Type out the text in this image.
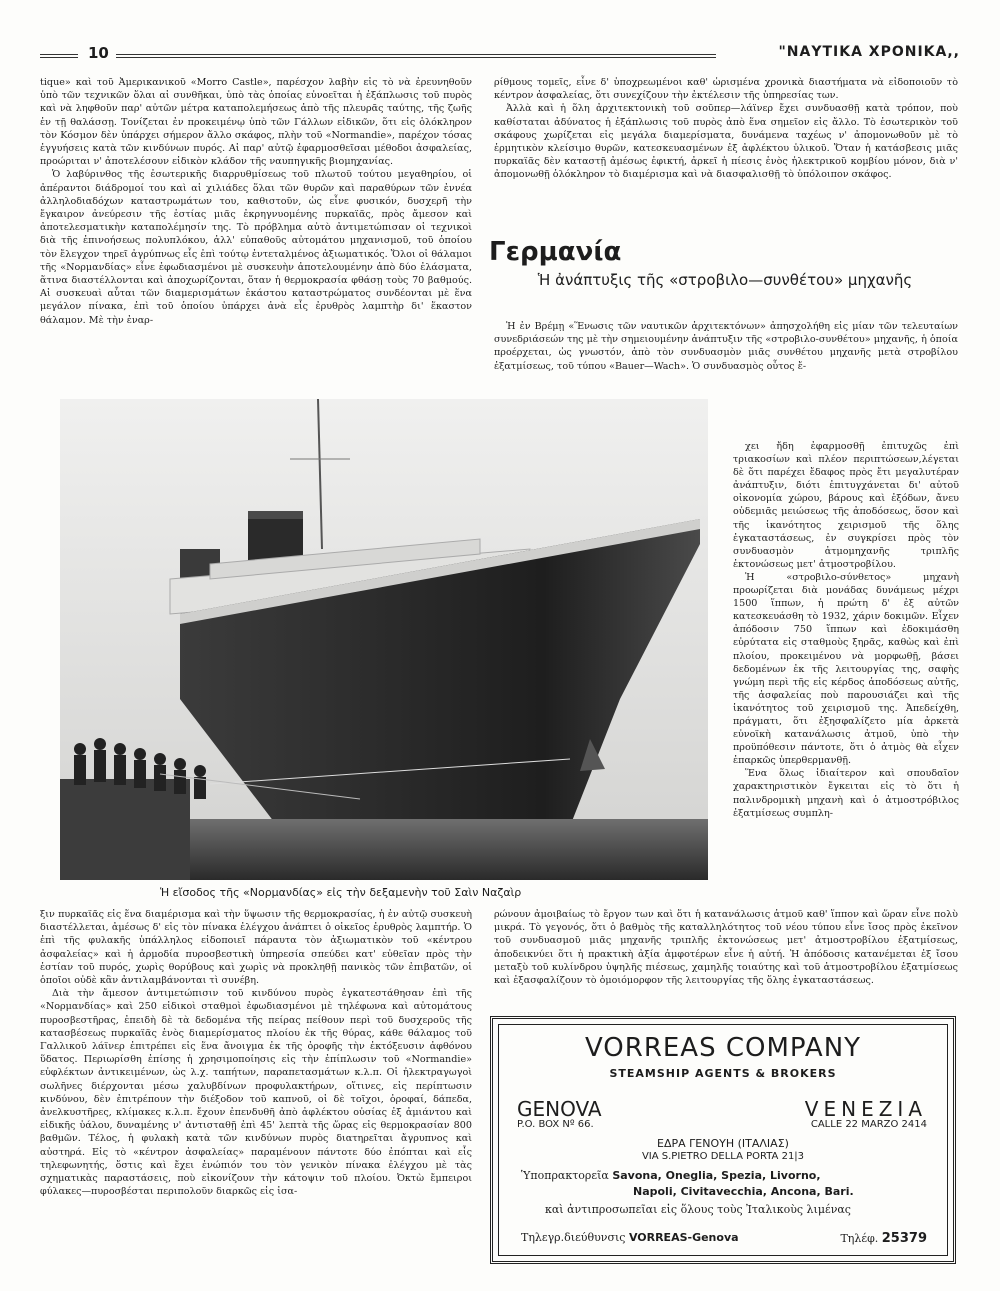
10	"ΝΑΥΤΙΚΑ ΧΡΟΝΙΚΑ,,

tique» καὶ τοῦ Ἀμερικανικοῦ «Morro Castle», παρέσχον λαβὴν εἰς τὸ νὰ ἐρευνηθοῦν ὑπὸ τῶν τεχνικῶν ὅλαι αἱ συνθῆκαι, ὑπὸ τὰς ὁποίας εὐνοεῖται ἡ ἐξάπλωσις τοῦ πυρὸς καὶ νὰ ληφθοῦν παρ' αὐτῶν μέτρα καταπολεμήσεως ἀπὸ τῆς πλευρᾶς ταύτης, τῆς ζωῆς ἐν τῇ θαλάσσῃ. Τονίζεται ἐν προκειμένῳ ὑπὸ τῶν Γάλλων εἰδικῶν, ὅτι εἰς ὁλόκληρον τὸν Κόσμον δὲν ὑπάρχει σήμερον ἄλλο σκάφος, πλὴν τοῦ «Normandie», παρέχον τόσας ἐγγυήσεις κατὰ τῶν κινδύνων πυρός. Αἱ παρ' αὐτῷ ἐφαρμοσθεῖσαι μέθοδοι ἀσφαλείας, προώριται ν' ἀποτελέσουν εἰδικὸν κλάδον τῆς ναυπηγικῆς βιομηχανίας.

Ὁ λαβύρινθος τῆς ἐσωτερικῆς διαρρυθμίσεως τοῦ πλωτοῦ τούτου μεγαθηρίου, οἱ ἀπέραντοι διάδρομοί του καὶ αἱ χιλιάδες ὅλαι τῶν θυρῶν καὶ παραθύρων τῶν ἐννέα ἀλληλοδιαδόχων καταστρωμάτων του, καθιστοῦν, ὡς εἶνε φυσικόν, δυσχερῆ τὴν ἔγκαιρον ἀνεύρεσιν τῆς ἑστίας μιᾶς ἐκρηγνυομένης πυρκαϊᾶς, πρὸς ἄμεσον καὶ ἀποτελεσματικὴν καταπολέμησίν της. Τὸ πρόβλημα αὐτὸ ἀντιμετώπισαν οἱ τεχνικοὶ διὰ τῆς ἐπινοήσεως πολυπλόκου, ἀλλ' εὐπαθοῦς αὐτομάτου μηχανισμοῦ, τοῦ ὁποίου τὸν ἔλεγχον τηρεῖ ἀγρύπνως εἷς ἐπὶ τούτῳ ἐντεταλμένος ἀξιωματικός. Ὅλοι οἱ θάλαμοι τῆς «Νορμανδίας» εἶνε ἐφωδιασμένοι μὲ συσκευὴν ἀποτελουμένην ἀπὸ δύο ἐλάσματα, ἅτινα διαστέλλονται καὶ ἀποχωρίζονται, ὅταν ἡ θερμοκρασία φθάσῃ τοὺς 70 βαθμούς. Αἱ συσκευαὶ αὗται τῶν διαμερισμάτων ἑκάστου καταστρώματος συνδέονται μὲ ἕνα μεγάλον πίνακα, ἐπὶ τοῦ ὁποίου ὑπάρχει ἀνὰ εἷς ἐρυθρὸς λαμπτὴρ δι' ἕκαστον θάλαμον. Μὲ τὴν ἐναρ-

ρίθμους τομεῖς, εἶνε δ' ὑποχρεωμένοι καθ' ὡρισμένα χρονικὰ διαστήματα νὰ εἰδοποιοῦν τὸ κέντρον ἀσφαλείας, ὅτι συνεχίζουν τὴν ἐκτέλεσιν τῆς ὑπηρεσίας των.

Ἀλλὰ καὶ ἡ ὅλη ἀρχιτεκτονικὴ τοῦ σοῦπερ—λάϊνερ ἔχει συνδυασθῇ κατὰ τρόπον, ποὺ καθίσταται ἀδύνατος ἡ ἐξάπλωσις τοῦ πυρὸς ἀπὸ ἕνα σημεῖον εἰς ἄλλο. Τὸ ἐσωτερικὸν τοῦ σκάφους χωρίζεται εἰς μεγάλα διαμερίσματα, δυνάμενα ταχέως ν' ἀπομονωθοῦν μὲ τὸ ἑρμητικὸν κλείσιμο θυρῶν, κατεσκευασμένων ἐξ ἀφλέκτου ὑλικοῦ. Ὅταν ἡ κατάσβεσις μιᾶς πυρκαϊᾶς δὲν καταστῇ ἀμέσως ἐφικτή, ἀρκεῖ ἡ πίεσις ἑνὸς ἠλεκτρικοῦ κομβίου μόνον, διὰ ν' ἀπομονωθῇ ὁλόκληρον τὸ διαμέρισμα καὶ νὰ διασφαλισθῇ τὸ ὑπόλοιπον σκάφος.

Γερμανία
Ἡ ἀνάπτυξις τῆς «στροβιλο—συνθέτου» μηχανῆς

Ἡ ἐν Βρέμῃ «Ἕνωσις τῶν ναυτικῶν ἀρχιτεκτόνων» ἀπησχολήθη εἰς μίαν τῶν τελευταίων συνεδριάσεών της μὲ τὴν σημειουμένην ἀνάπτυξιν τῆς «στροβιλο-συνθέτου» μηχανῆς, ἡ ὁποία προέρχεται, ὡς γνωστόν, ἀπὸ τὸν συνδυασμὸν μιᾶς συνθέτου μηχανῆς μετὰ στροβίλου ἐξατμίσεως, τοῦ τύπου «Bauer—Wach». Ὁ συνδυασμὸς οὗτος ἔ-

Ἡ εἴσοδος τῆς «Νορμανδίας» εἰς τὴν δεξαμενὴν τοῦ Σαὶν Ναζαὶρ

χει ἤδη ἐφαρμοσθῇ ἐπιτυχῶς ἐπὶ τριακοσίων καὶ πλέον περιπτώσεων,λέγεται δὲ ὅτι παρέχει ἔδαφος πρὸς ἔτι μεγαλυτέραν ἀνάπτυξιν, διότι ἐπιτυγχάνεται δι' αὐτοῦ οἰκονομία χώρου, βάρους καὶ ἐξόδων, ἄνευ οὐδεμιᾶς μειώσεως τῆς ἀποδόσεως, ὅσον καὶ τῆς ἱκανότητος χειρισμοῦ τῆς ὅλης ἐγκαταστάσεως, ἐν συγκρίσει πρὸς τὸν συνδυασμὸν ἀτμομηχανῆς τριπλῆς ἐκτονώσεως μετ' ἀτμοστροβίλου.

Ἡ «στροβιλο-σύνθετος» μηχανὴ προωρίζεται διὰ μονάδας δυνάμεως μέχρι 1500 ἵππων, ἡ πρώτη δ' ἐξ αὐτῶν κατεσκευάσθη τὸ 1932, χάριν δοκιμῶν. Εἶχεν ἀπόδοσιν 750 ἵππων καὶ ἐδοκιμάσθη εὐρύτατα εἰς σταθμοὺς ξηρᾶς, καθὼς καὶ ἐπὶ πλοίου, προκειμένου νὰ μορφωθῇ, βάσει δεδομένων ἐκ τῆς λειτουργίας της, σαφὴς γνώμη περὶ τῆς εἰς κέρδος ἀποδόσεως αὐτῆς, τῆς ἀσφαλείας ποὺ παρουσιάζει καὶ τῆς ἱκανότητος τοῦ χειρισμοῦ της. Ἀπεδείχθη, πράγματι, ὅτι ἐξησφαλίζετο μία ἀρκετὰ εὐνοϊκὴ κατανάλωσις ἀτμοῦ, ὑπὸ τὴν προϋπόθεσιν πάντοτε, ὅτι ὁ ἀτμὸς θὰ εἶχεν ἐπαρκῶς ὑπερθερμανθῇ.

Ἕνα ὅλως ἰδιαίτερον καὶ σπουδαῖον χαρακτηριστικὸν ἔγκειται εἰς τὸ ὅτι ἡ παλινδρομικὴ μηχανὴ καὶ ὁ ἀτμοστρόβιλος ἐξατμίσεως συμπλη-

ξιν πυρκαϊᾶς εἰς ἕνα διαμέρισμα καὶ τὴν ὕψωσιν τῆς θερμοκρασίας, ἡ ἐν αὐτῷ συσκευὴ διαστέλλεται, ἀμέσως δ' εἰς τὸν πίνακα ἐλέγχου ἀνάπτει ὁ οἰκεῖος ἐρυθρὸς λαμπτήρ. Ὁ ἐπὶ τῆς φυλακῆς ὑπάλληλος εἰδοποιεῖ πάραυτα τὸν ἀξιωματικὸν τοῦ «κέντρου ἀσφαλείας» καὶ ἡ ἁρμοδία πυροσβεστικὴ ὑπηρεσία σπεύδει κατ' εὐθεῖαν πρὸς τὴν ἑστίαν τοῦ πυρός, χωρὶς θορύβους καὶ χωρὶς νὰ προκληθῇ πανικὸς τῶν ἐπιβατῶν, οἱ ὁποῖοι οὐδὲ κἂν ἀντιλαμβάνονται τὶ συνέβη.

Διὰ τὴν ἄμεσον ἀντιμετώπισιν τοῦ κινδύνου πυρὸς ἐγκατεστάθησαν ἐπὶ τῆς «Νορμανδίας» καὶ 250 εἰδικοὶ σταθμοὶ ἐφωδιασμένοι μὲ τηλέφωνα καὶ αὐτομάτους πυροσβεστῆρας, ἐπειδὴ δὲ τὰ δεδομένα τῆς πείρας πείθουν περὶ τοῦ δυσχεροῦς τῆς κατασβέσεως πυρκαϊᾶς ἑνὸς διαμερίσματος πλοίου ἐκ τῆς θύρας, κάθε θάλαμος τοῦ Γαλλικοῦ λάϊνερ ἐπιτρέπει εἰς ἕνα ἄνοιγμα ἐκ τῆς ὀροφῆς τὴν ἐκτόξευσιν ἀφθόνου ὕδατος. Περιωρίσθη ἐπίσης ἡ χρησιμοποίησις εἰς τὴν ἐπίπλωσιν τοῦ «Normandie» εὐφλέκτων ἀντικειμένων, ὡς λ.χ. ταπήτων, παραπετασμάτων κ.λ.π. Οἱ ἠλεκτραγωγοὶ σωλῆνες διέρχονται μέσω χαλυβδίνων προφυλακτήρων, οἵτινες, εἰς περίπτωσιν κινδύνου, δὲν ἐπιτρέπουν τὴν διέξοδον τοῦ καπνοῦ, οἱ δὲ τοῖχοι, ὀροφαί, δάπεδα, ἀνελκυστῆρες, κλίμακες κ.λ.π. ἔχουν ἐπενδυθῆ ἀπὸ ἀφλέκτου οὐσίας ἐξ ἀμιάντου καὶ εἰδικῆς ὑάλου, δυναμένης ν' ἀντισταθῇ ἐπὶ 45' λεπτὰ τῆς ὥρας εἰς θερμοκρασίαν 800 βαθμῶν. Τέλος, ἡ φυλακὴ κατὰ τῶν κινδύνων πυρὸς διατηρεῖται ἄγρυπνος καὶ αὐστηρά. Εἰς τὸ «κέντρον ἀσφαλείας» παραμένουν πάντοτε δύο ἐπόπται καὶ εἷς τηλεφωνητής, ὅστις καὶ ἔχει ἐνώπιόν του τὸν γενικὸν πίνακα ἐλέγχου μὲ τὰς σχηματικὰς παραστάσεις, ποὺ εἰκονίζουν τὴν κάτοψιν τοῦ πλοίου. Ὀκτὼ ἔμπειροι φύλακες—πυροσβέσται περιπολοῦν διαρκῶς εἰς ἰσα-

ρώνουν ἀμοιβαίως τὸ ἔργον των καὶ ὅτι ἡ κατανάλωσις ἀτμοῦ καθ' ἵππον καὶ ὥραν εἶνε πολὺ μικρά. Τὸ γεγονός, ὅτι ὁ βαθμὸς τῆς καταλληλότητος τοῦ νέου τύπου εἶνε ἴσος πρὸς ἐκεῖνον τοῦ συνδυασμοῦ μιᾶς μηχανῆς τριπλῆς ἐκτονώσεως μετ' ἀτμοστροβίλου ἐξατμίσεως, ἀποδεικνύει ὅτι ἡ πρακτικὴ ἀξία ἀμφοτέρων εἶνε ἡ αὐτή. Ἡ ἀπόδοσις κατανέμεται ἐξ ἴσου μεταξὺ τοῦ κυλίνδρου ὑψηλῆς πιέσεως, χαμηλῆς τοιαύτης καὶ τοῦ ἀτμοστροβίλου ἐξατμίσεως καὶ ἐξασφαλίζουν τὸ ὁμοιόμορφον τῆς λειτουργίας τῆς ὅλης ἐγκαταστάσεως.

VORREAS COMPANY
STEAMSHIP AGENTS & BROKERS
GENOVA	VENEZIA
P.O. BOX Nº 66.	CALLE 22 MARZO 2414
ΕΔΡΑ ΓΕΝΟΥΗ (ΙΤΑΛΙΑΣ)
VIA S.PIETRO DELLA PORTA 21|3
Ὑποπρακτορεῖα Savona, Oneglia, Spezia, Livorno,
Napoli, Civitavecchia, Ancona, Bari.
καὶ ἀντιπροσωπεῖαι εἰς ὅλους τοὺς Ἰταλικοὺς λιμένας
Τηλεγρ.διεύθυνσις VORREAS-Genova	Τηλέφ. 25379
